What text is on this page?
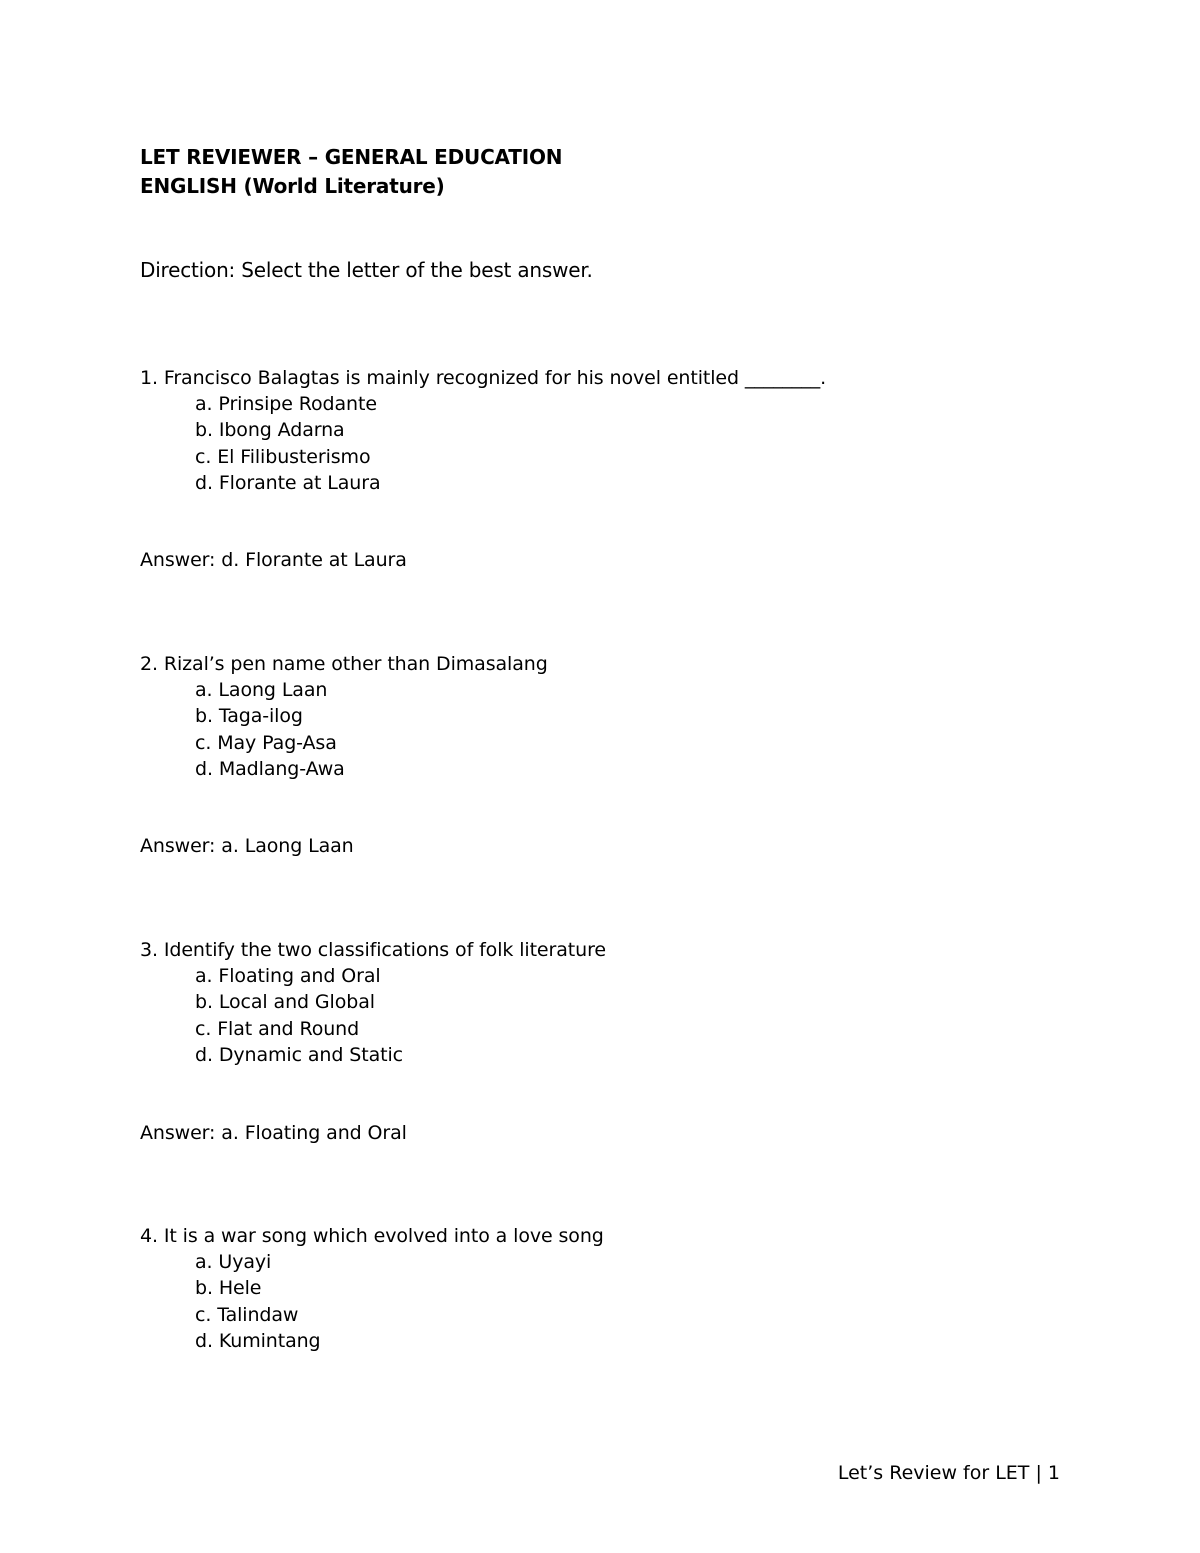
LET REVIEWER – GENERAL EDUCATION
ENGLISH (World Literature)
Direction: Select the letter of the best answer.
1. Francisco Balagtas is mainly recognized for his novel entitled ________.
a. Prinsipe Rodante
b. Ibong Adarna
c. El Filibusterismo
d. Florante at Laura
Answer: d. Florante at Laura
2. Rizal’s pen name other than Dimasalang
a. Laong Laan
b. Taga-ilog
c. May Pag-Asa
d. Madlang-Awa
Answer: a. Laong Laan
3. Identify the two classifications of folk literature
a. Floating and Oral
b. Local and Global
c. Flat and Round
d. Dynamic and Static
Answer: a. Floating and Oral
4. It is a war song which evolved into a love song
a. Uyayi
b. Hele
c. Talindaw
d. Kumintang
Let’s Review for LET | 1
